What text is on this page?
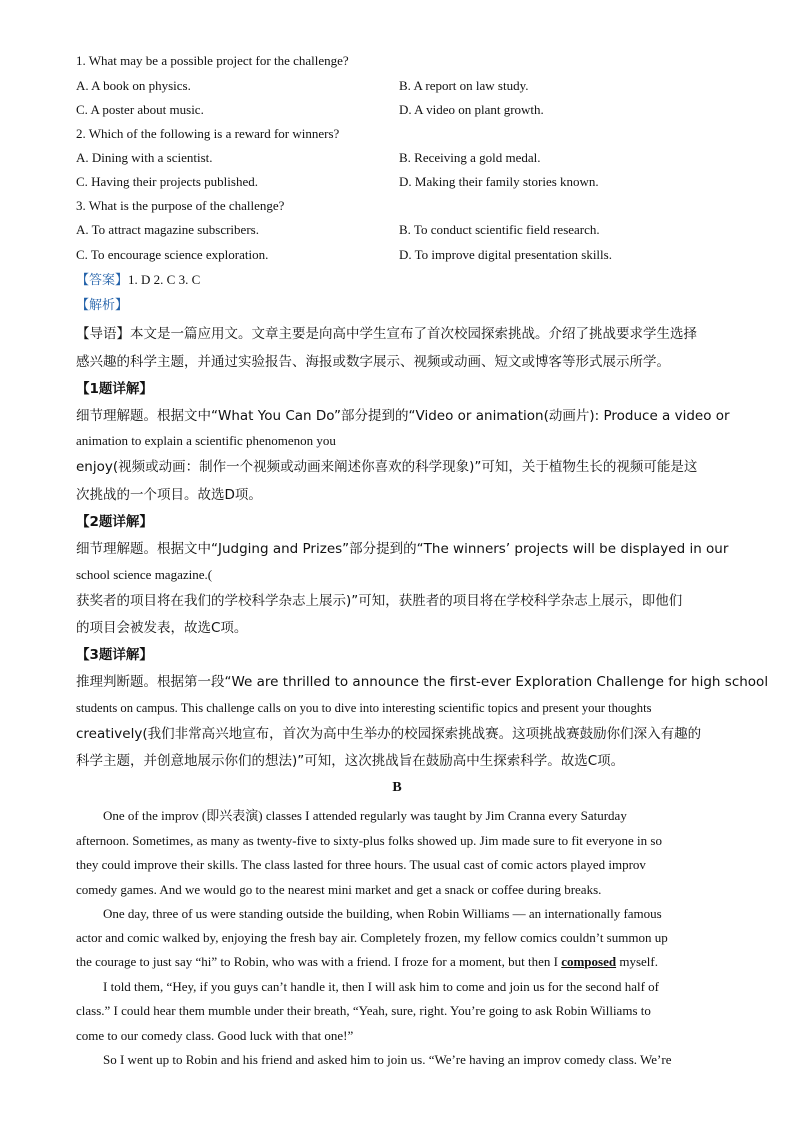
1. What may be a possible project for the challenge?
A. A book on physics.	B. A report on law study.
C. A poster about music.	D. A video on plant growth.
2. Which of the following is a reward for winners?
A. Dining with a scientist.	B. Receiving a gold medal.
C. Having their projects published.	D. Making their family stories known.
3. What is the purpose of the challenge?
A. To attract magazine subscribers.	B. To conduct scientific field research.
C. To encourage science exploration.	D. To improve digital presentation skills.
【答案】1. D 2. C 3. C
【解析】
【导语】本文是一篇应用文。文章主要是向高中学生宣布了首次校园探索挑战。介绍了挑战要求学生选择
感兴趣的科学主题，并通过实验报告、海报或数字展示、视频或动画、短文或博客等形式展示所学。
【1题详解】
细节理解题。根据文中“What You Can Do”部分提到的“Video or animation(动画片): Produce a video or
animation to explain a scientific phenomenon you
enjoy(视频或动画：制作一个视频或动画来阐述你喜欢的科学现象)”可知，关于植物生长的视频可能是这
次挑战的一个项目。故选D项。
【2题详解】
细节理解题。根据文中“Judging and Prizes”部分提到的“The winners’ projects will be displayed in our
school science magazine.(
获奖者的项目将在我们的学校科学杂志上展示)”可知，获胜者的项目将在学校科学杂志上展示，即他们
的项目会被发表，故选C项。
【3题详解】
推理判断题。根据第一段“We are thrilled to announce the first-ever Exploration Challenge for high school
students on campus. This challenge calls on you to dive into interesting scientific topics and present your thoughts
creatively(我们非常高兴地宣布，首次为高中生举办的校园探索挑战赛。这项挑战赛鼓励你们深入有趣的
科学主题，并创意地展示你们的想法)”可知，这次挑战旨在鼓励高中生探索科学。故选C项。
B
One of the improv (即兴表演) classes I attended regularly was taught by Jim Cranna every Saturday
afternoon. Sometimes, as many as twenty-five to sixty-plus folks showed up. Jim made sure to fit everyone in so
they could improve their skills. The class lasted for three hours. The usual cast of comic actors played improv
comedy games. And we would go to the nearest mini market and get a snack or coffee during breaks.
One day, three of us were standing outside the building, when Robin Williams — an internationally famous
actor and comic walked by, enjoying the fresh bay air. Completely frozen, my fellow comics couldn’t summon up
the courage to just say “hi” to Robin, who was with a friend. I froze for a moment, but then I composed myself.
I told them, “Hey, if you guys can’t handle it, then I will ask him to come and join us for the second half of
class.” I could hear them mumble under their breath, “Yeah, sure, right. You’re going to ask Robin Williams to
come to our comedy class. Good luck with that one!”
So I went up to Robin and his friend and asked him to join us. “We’re having an improv comedy class. We’re
